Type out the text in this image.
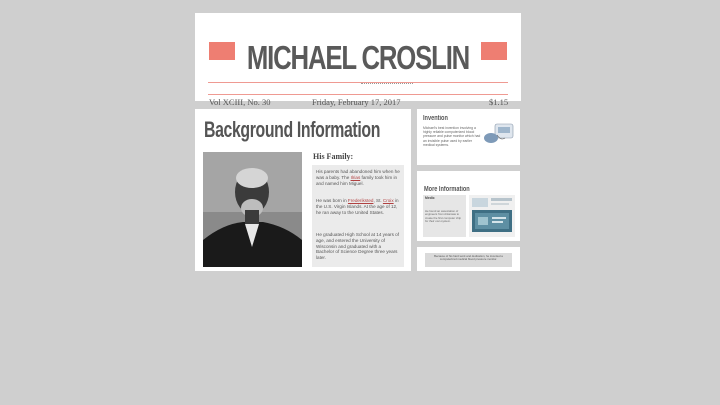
MICHAEL CROSLIN
Vol XCIII, No. 30	Friday, February 17, 2017	$1.15
Background Information
His Family:

His parents had abandoned him when he was a baby. The Ilrias family took him in and named him Miguel.

He was born in Frederiksted, St. Croix in the U.S. Virgin Islands. At the age of 12, he ran away to the United States.

He graduated High School at 14 years of age, and entered the University of Wisconsin and graduated with a Bachelor of Science Degree three years later.

Invention
Michael's best invention involving a highly reliable computerized blood pressure and pulse monitor which had an invisible pulse used by earlier medical systems.
More Information
Medic
He found an association of engineers from Arkansas to create the first computer chip for their own system.
Because of his hard work and dedication, he invented a computerized medical blood pressure monitor.
